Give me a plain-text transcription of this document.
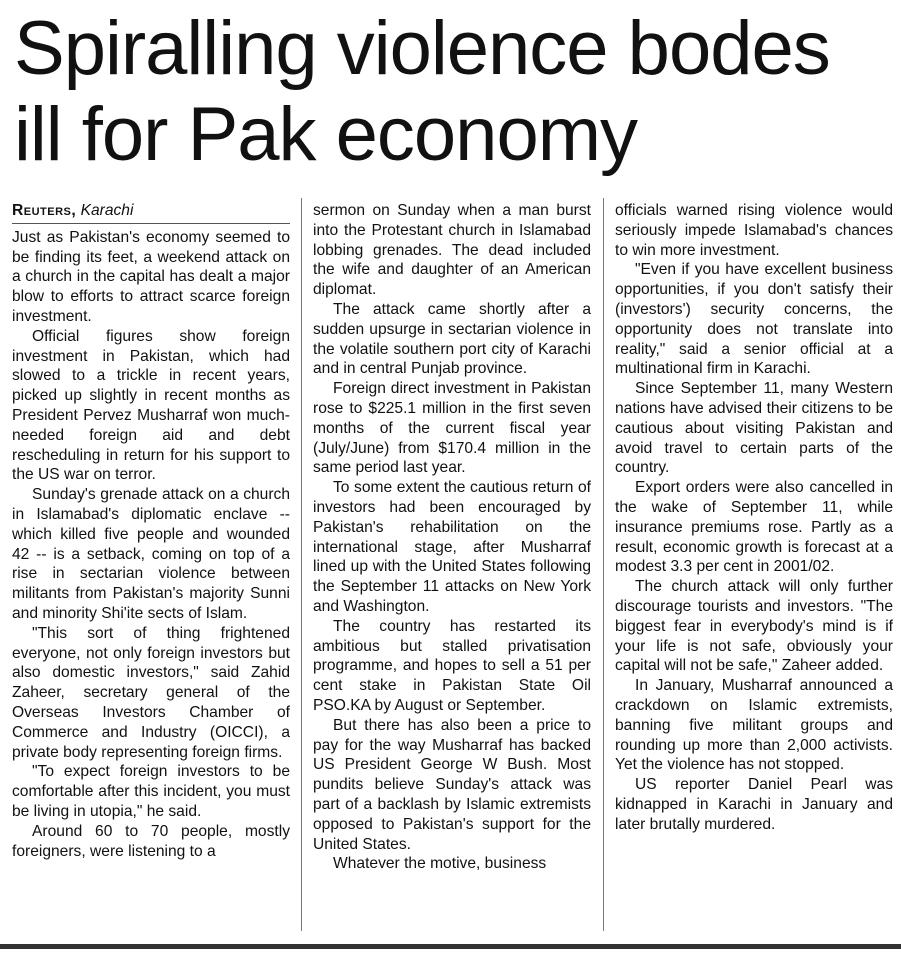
Spiralling violence bodes
ill for Pak economy
Reuters, Karachi

Just as Pakistan's economy seemed to be finding its feet, a weekend attack on a church in the capital has dealt a major blow to efforts to attract scarce foreign investment.

Official figures show foreign investment in Pakistan, which had slowed to a trickle in recent years, picked up slightly in recent months as President Pervez Musharraf won much-needed foreign aid and debt rescheduling in return for his support to the US war on terror.

Sunday's grenade attack on a church in Islamabad's diplomatic enclave -- which killed five people and wounded 42 -- is a setback, coming on top of a rise in sectarian violence between militants from Pakistan's majority Sunni and minority Shi'ite sects of Islam.

"This sort of thing frightened everyone, not only foreign investors but also domestic investors," said Zahid Zaheer, secretary general of the Overseas Investors Chamber of Commerce and Industry (OICCI), a private body representing foreign firms.

"To expect foreign investors to be comfortable after this incident, you must be living in utopia," he said.

Around 60 to 70 people, mostly foreigners, were listening to a

sermon on Sunday when a man burst into the Protestant church in Islamabad lobbing grenades. The dead included the wife and daughter of an American diplomat.

The attack came shortly after a sudden upsurge in sectarian violence in the volatile southern port city of Karachi and in central Punjab province.

Foreign direct investment in Pakistan rose to $225.1 million in the first seven months of the current fiscal year (July/June) from $170.4 million in the same period last year.

To some extent the cautious return of investors had been encouraged by Pakistan's rehabilitation on the international stage, after Musharraf lined up with the United States following the September 11 attacks on New York and Washington.

The country has restarted its ambitious but stalled privatisation programme, and hopes to sell a 51 per cent stake in Pakistan State Oil PSO.KA by August or September.

But there has also been a price to pay for the way Musharraf has backed US President George W Bush. Most pundits believe Sunday's attack was part of a backlash by Islamic extremists opposed to Pakistan's support for the United States.

Whatever the motive, business

officials warned rising violence would seriously impede Islamabad's chances to win more investment.

"Even if you have excellent business opportunities, if you don't satisfy their (investors') security concerns, the opportunity does not translate into reality," said a senior official at a multinational firm in Karachi.

Since September 11, many Western nations have advised their citizens to be cautious about visiting Pakistan and avoid travel to certain parts of the country.

Export orders were also cancelled in the wake of September 11, while insurance premiums rose. Partly as a result, economic growth is forecast at a modest 3.3 per cent in 2001/02.

The church attack will only further discourage tourists and investors. "The biggest fear in everybody's mind is if your life is not safe, obviously your capital will not be safe," Zaheer added.

In January, Musharraf announced a crackdown on Islamic extremists, banning five militant groups and rounding up more than 2,000 activists. Yet the violence has not stopped.

US reporter Daniel Pearl was kidnapped in Karachi in January and later brutally murdered.
